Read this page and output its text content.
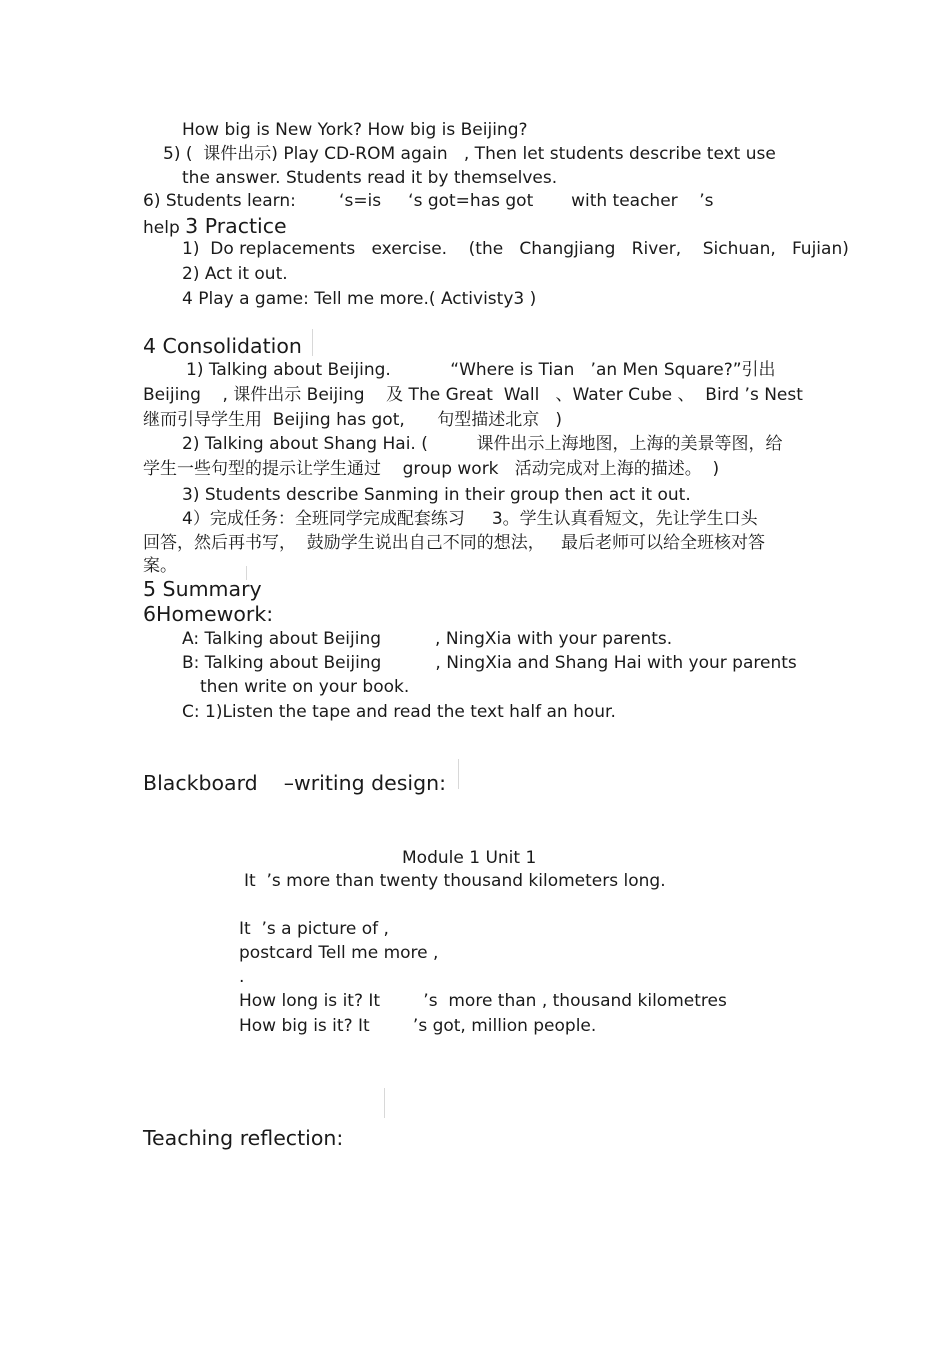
How big is New York? How big is Beijing?
5) (  课件出示) Play CD-ROM again   , Then let students describe text use
the answer. Students read it by themselves.
6) Students learn:        ‘s=is     ‘s got=has got       with teacher    ’s
help 3 Practice
1)  Do replacements   exercise.    (the   Changjiang   River,    Sichuan,   Fujian)
2) Act it out.
4 Play a game: Tell me more.( Activisty3 )
4 Consolidation
1) Talking about Beijing.           “Where is Tian   ’an Men Square?”引出
Beijing    , 课件出示 Beijing    及 The Great  Wall   、Water Cube 、  Bird ’s Nest
继而引导学生用  Beijing has got,      句型描述北京   )
2) Talking about Shang Hai. (         课件出示上海地图，上海的美景等图，给
学生一些句型的提示让学生通过    group work   活动完成对上海的描述。  )
3) Students describe Sanming in their group then act it out.
4）完成任务：全班同学完成配套练习     3。学生认真看短文，先让学生口头
回答，然后再书写，  鼓励学生说出自己不同的想法，   最后老师可以给全班核对答
案。
5 Summary
6Homework:
A: Talking about Beijing          , NingXia with your parents.
B: Talking about Beijing          , NingXia and Shang Hai with your parents
then write on your book.
C: 1)Listen the tape and read the text half an hour.
Blackboard    –writing design:
Module 1 Unit 1
It  ’s more than twenty thousand kilometers long.
It  ’s a picture of ,
postcard Tell me more ,
.
How long is it? It        ’s  more than , thousand kilometres
How big is it? It        ’s got, million people.
Teaching reflection:
